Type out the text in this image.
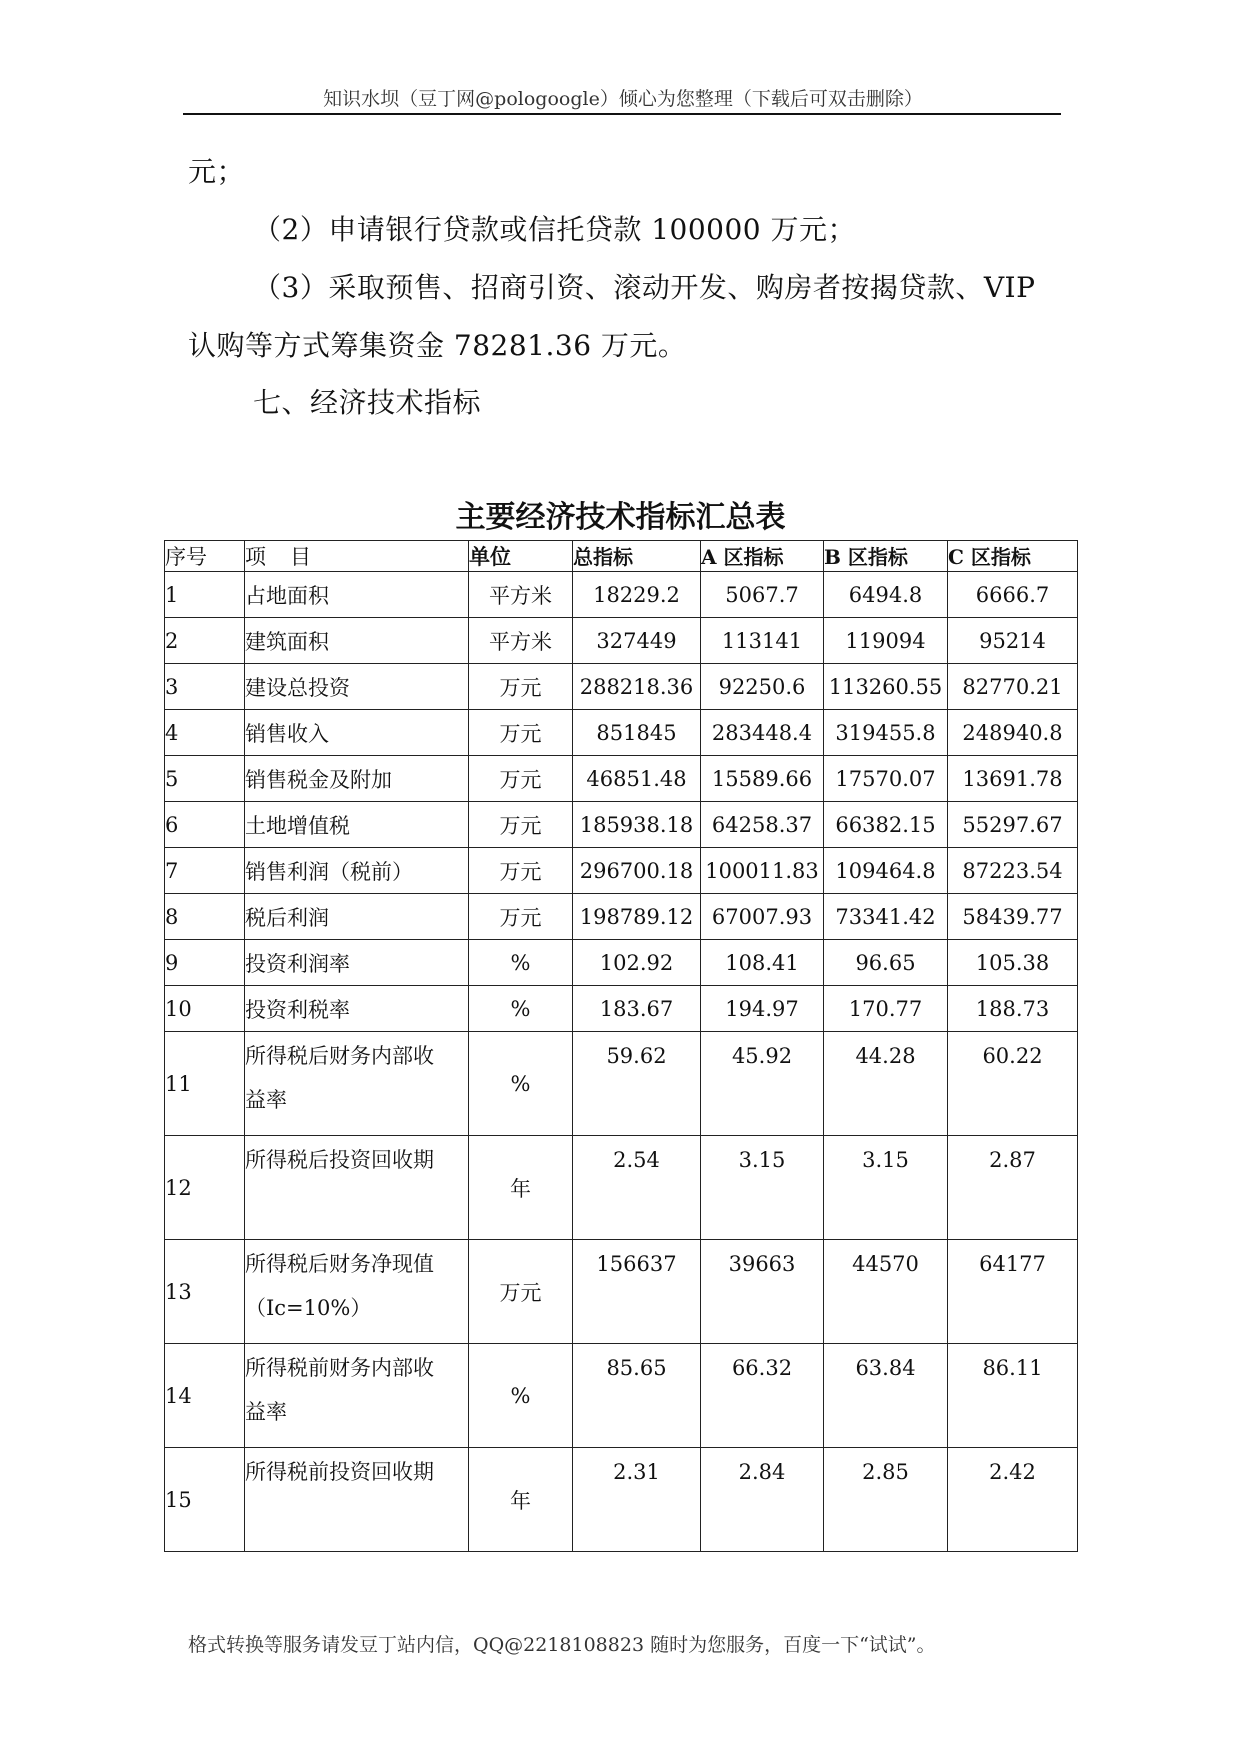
知识水坝（豆丁网@pologoogle）倾心为您整理（下载后可双击删除）
元；
（2）申请银行贷款或信托贷款 100000 万元；
（3）采取预售、招商引资、滚动开发、购房者按揭贷款、VIP
认购等方式筹集资金 78281.36 万元。
七、经济技术指标
主要经济技术指标汇总表
序号	项目	单位	总指标	A 区指标	B 区指标	C 区指标
1	占地面积	平方米	18229.2	5067.7	6494.8	6666.7
2	建筑面积	平方米	327449	113141	119094	95214
3	建设总投资	万元	288218.36	92250.6	113260.55	82770.21
4	销售收入	万元	851845	283448.4	319455.8	248940.8
5	销售税金及附加	万元	46851.48	15589.66	17570.07	13691.78
6	土地增值税	万元	185938.18	64258.37	66382.15	55297.67
7	销售利润（税前）	万元	296700.18	100011.83	109464.8	87223.54
8	税后利润	万元	198789.12	67007.93	73341.42	58439.77
9	投资利润率	%	102.92	108.41	96.65	105.38
10	投资利税率	%	183.67	194.97	170.77	188.73
11	所得税后财务内部收
益率	%	59.62	45.92	44.28	60.22
12	所得税后投资回收期	年	2.54	3.15	3.15	2.87
13	所得税后财务净现值
（Ic=10%）	万元	156637	39663	44570	64177
14	所得税前财务内部收
益率	%	85.65	66.32	63.84	86.11
15	所得税前投资回收期	年	2.31	2.84	2.85	2.42
格式转换等服务请发豆丁站内信，QQ@2218108823 随时为您服务，百度一下“试试”。
